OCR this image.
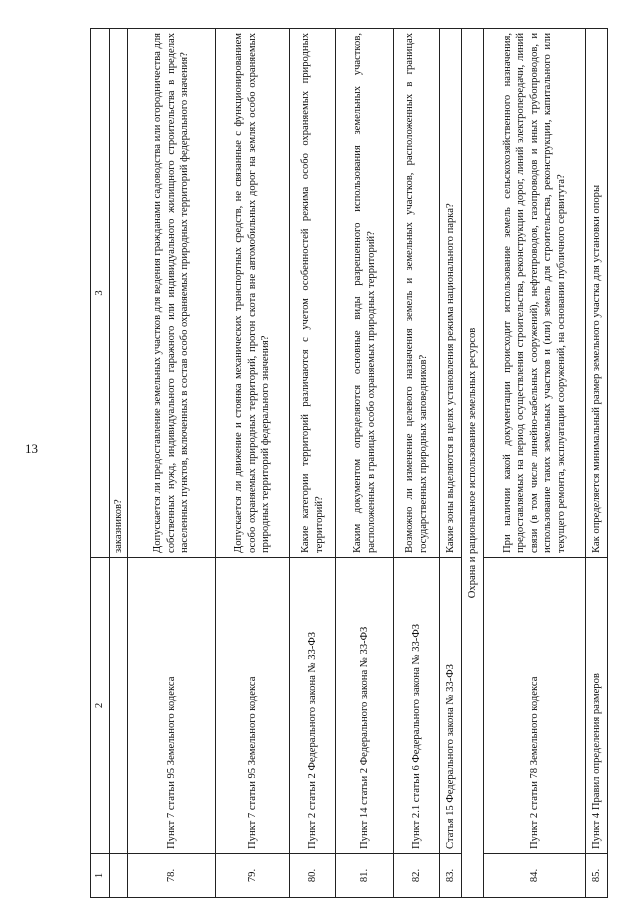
13
1	2	3
		заказников?
78.	Пункт 7 статьи 95 Земельного кодекса	Допускается ли предоставление земельных участков для ведения гражданами садоводства или огородничества для собственных нужд, индивидуального гаражного или индивидуального жилищного строительства в пределах населенных пунктов, включенных в состав особо охраняемых природных территорий федерального значения?
79.	Пункт 7 статьи 95 Земельного кодекса	Допускается ли движение и стоянка механических транспортных средств, не связанные с функционированием особо охраняемых природных территорий, прогон скота вне автомобильных дорог на землях особо охраняемых природных территорий федерального значения?
80.	Пункт 2 статьи 2 Федерального закона № 33-ФЗ	Какие категории территорий различаются с учетом особенностей режима особо охраняемых природных территорий?
81.	Пункт 14 статьи 2 Федерального закона № 33-ФЗ	Каким документом определяются основные виды разрешенного использования земельных участков, расположенных в границах особо охраняемых природных территорий?
82.	Пункт 2.1 статьи 6 Федерального закона № 33-ФЗ	Возможно ли изменение целевого назначения земель и земельных участков, расположенных в границах государственных природных заповедников?
83.	Статья 15 Федерального закона № 33-ФЗ	Какие зоны выделяются в целях установления режима национального парка?
Охрана и рациональное использование земельных ресурсов		
84.	Пункт 2 статьи 78 Земельного кодекса	При наличии какой документации происходит использование земель сельскохозяйственного назначения, предоставляемых на период осуществления строительства, реконструкции дорог, линий электропередачи, линий связи (в том числе линейно-кабельных сооружений), нефтепроводов, газопроводов и иных трубопроводов, и использование таких земельных участков и (или) земель для строительства, реконструкции, капитального или текущего ремонта, эксплуатации сооружений, на основании публичного сервитута?
85.	Пункт 4 Правил определения размеров	Как определяется минимальный размер земельного участка для установки опоры
